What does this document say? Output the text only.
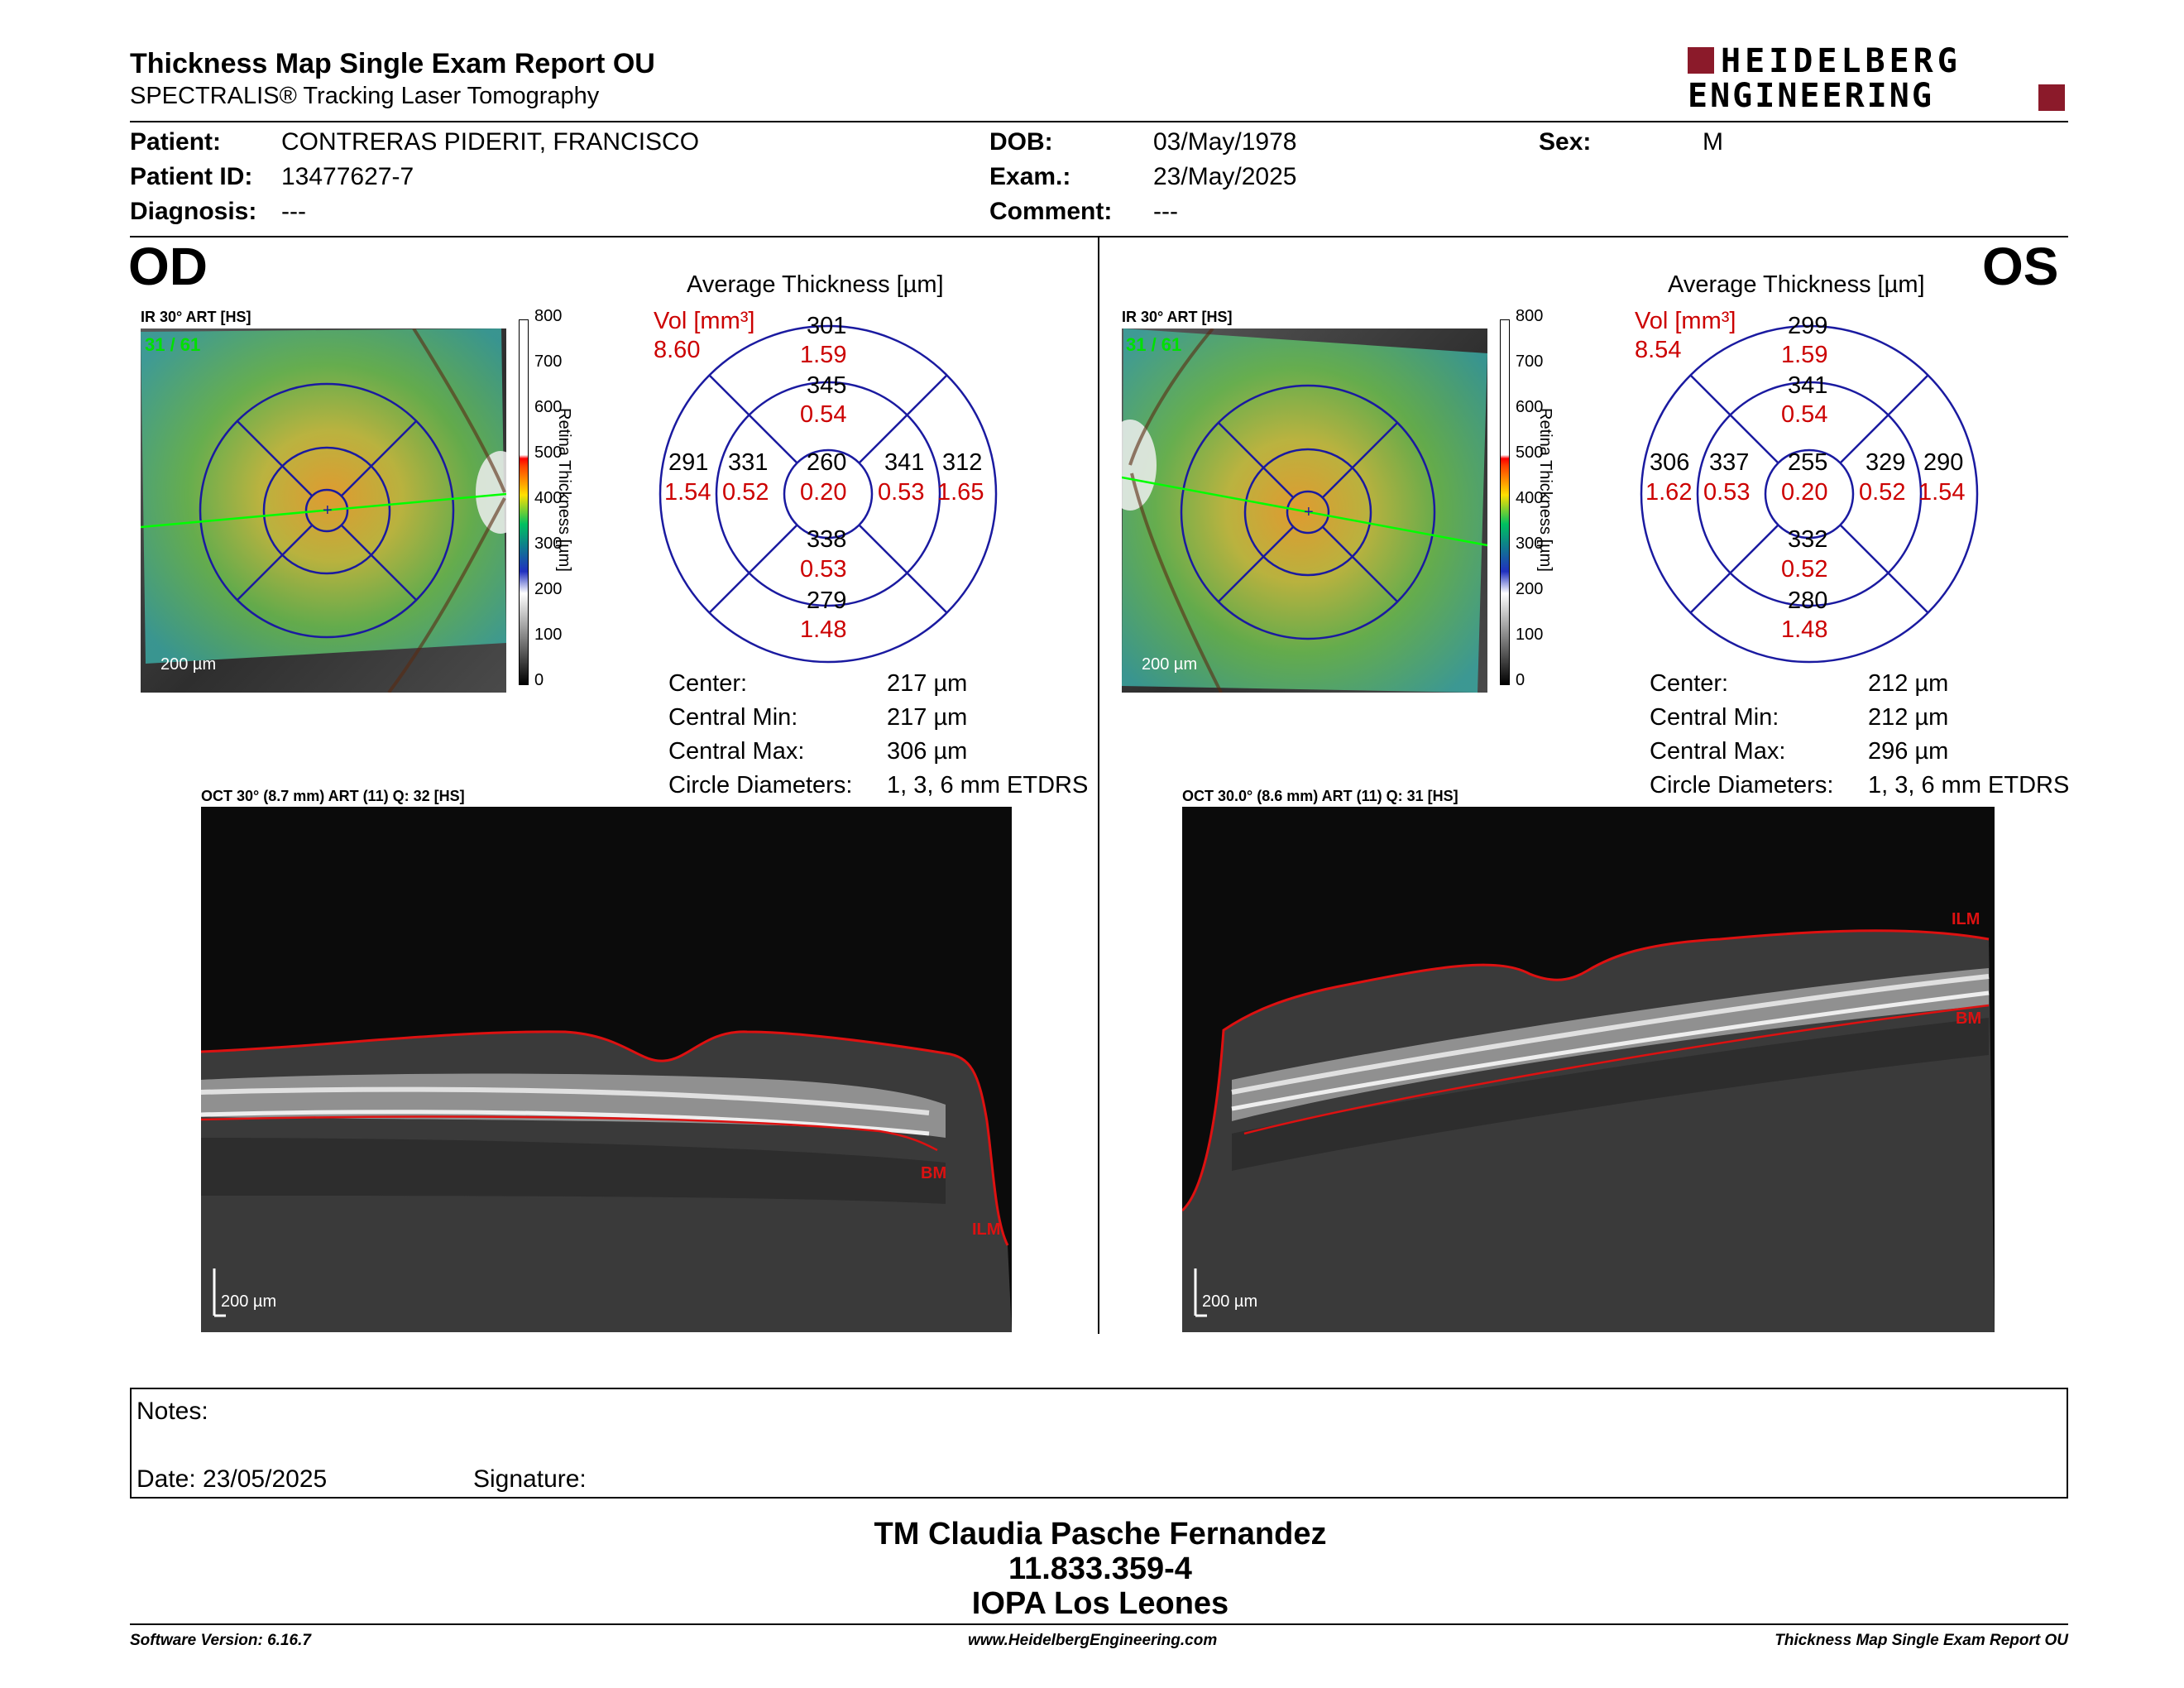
Thickness Map Single Exam Report OU
SPECTRALIS® Tracking Laser Tomography
HEIDELBERG
ENGINEERING
Patient: CONTRERAS PIDERIT, FRANCISCO
Patient ID: 13477627-7
Diagnosis: ---
DOB:	03/May/1978
Exam.:	23/May/2025
Comment: ---
Sex:	M
OD
IR 30° ART [HS]
+
31 / 61
200 µm
800
700
600
500
400
300
200
100
0
Retina Thickness [µm]
Average Thickness [µm]
Vol [mm³]
8.60
301
1.59
345
0.54
291
1.54
331
0.52
260
0.20
341
0.53
312
1.65
338
0.53
279
1.48
Center:	217 µm
Central Min:	217 µm
Central Max:	306 µm
Circle Diameters: 1, 3, 6 mm ETDRS
OCT 30° (8.7 mm) ART (11) Q: 32 [HS]
BM
ILM
200 µm
OS
IR 30° ART [HS]
+
31 / 61
200 µm
800
700
600
500
400
300
200
100
0
Retina Thickness [µm]
Average Thickness [µm]
Vol [mm³]
8.54
299
1.59
341
0.54
306
1.62
337
0.53
255
0.20
329
0.52
290
1.54
332
0.52
280
1.48
Center:	212 µm
Central Min:	212 µm
Central Max:	296 µm
Circle Diameters: 1, 3, 6 mm ETDRS
OCT 30.0° (8.6 mm) ART (11) Q: 31 [HS]
ILM
BM
200 µm
Notes:
Date: 23/05/2025	Signature:
TM Claudia Pasche Fernandez
11.833.359-4
IOPA Los Leones
Software Version: 6.16.7	www.HeidelbergEngineering.com	Thickness Map Single Exam Report OU
